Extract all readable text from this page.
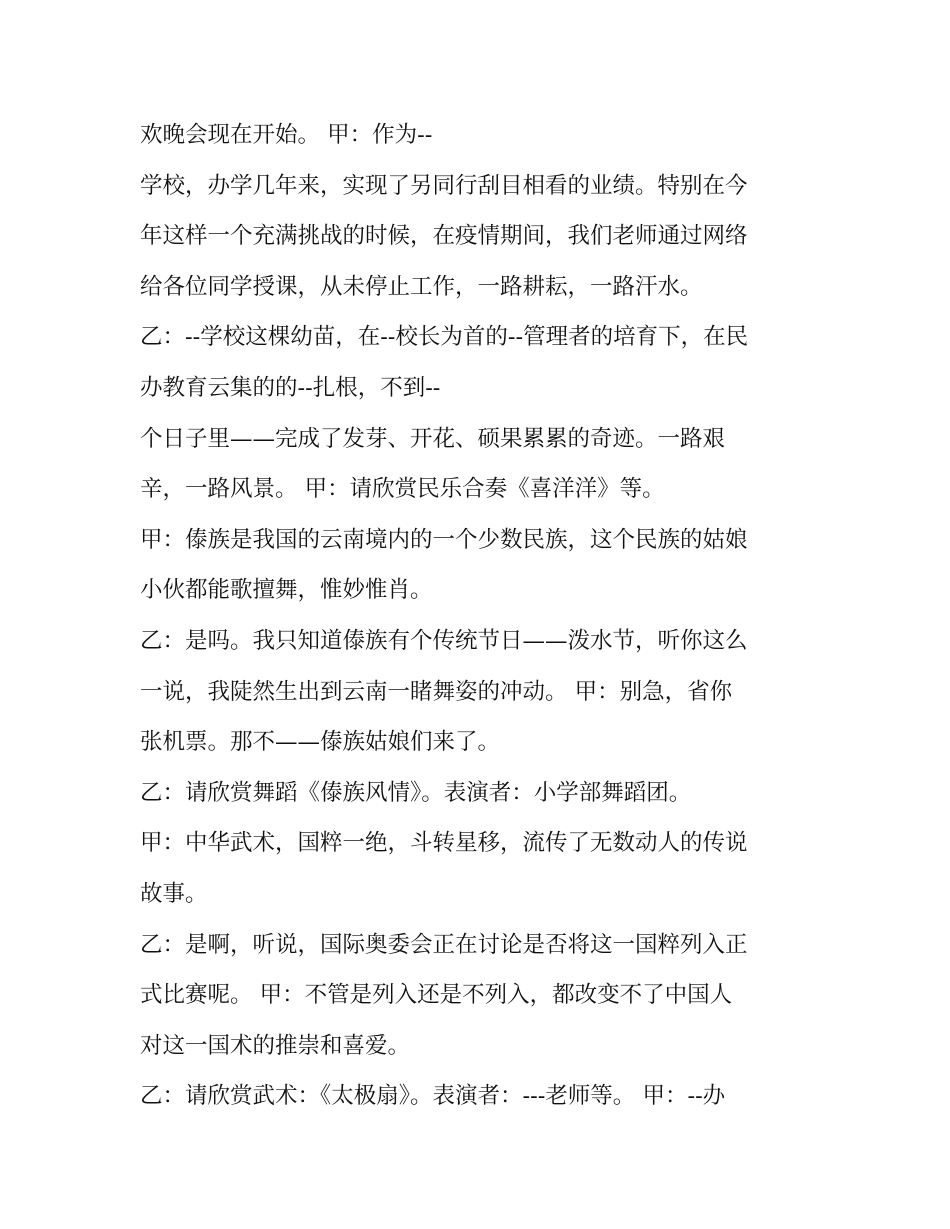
欢晚会现在开始。 甲：作为--
学校，办学几年来，实现了另同行刮目相看的业绩。特别在今
年这样一个充满挑战的时候，在疫情期间，我们老师通过网络
给各位同学授课，从未停止工作，一路耕耘，一路汗水。
乙：--学校这棵幼苗，在--校长为首的--管理者的培育下，在民
办教育云集的的--扎根，不到--
个日子里——完成了发芽、开花、硕果累累的奇迹。一路艰
辛，一路风景。 甲：请欣赏民乐合奏《喜洋洋》等。
甲：傣族是我国的云南境内的一个少数民族，这个民族的姑娘
小伙都能歌擅舞，惟妙惟肖。
乙：是吗。我只知道傣族有个传统节日——泼水节，听你这么
一说，我陡然生出到云南一睹舞姿的冲动。 甲：别急，省你
张机票。那不——傣族姑娘们来了。
乙：请欣赏舞蹈《傣族风情》。表演者：小学部舞蹈团。
甲：中华武术，国粹一绝，斗转星移，流传了无数动人的传说
故事。
乙：是啊，听说，国际奥委会正在讨论是否将这一国粹列入正
式比赛呢。 甲：不管是列入还是不列入，都改变不了中国人
对这一国术的推崇和喜爱。
乙：请欣赏武术：《太极扇》。表演者：---老师等。 甲：--办
